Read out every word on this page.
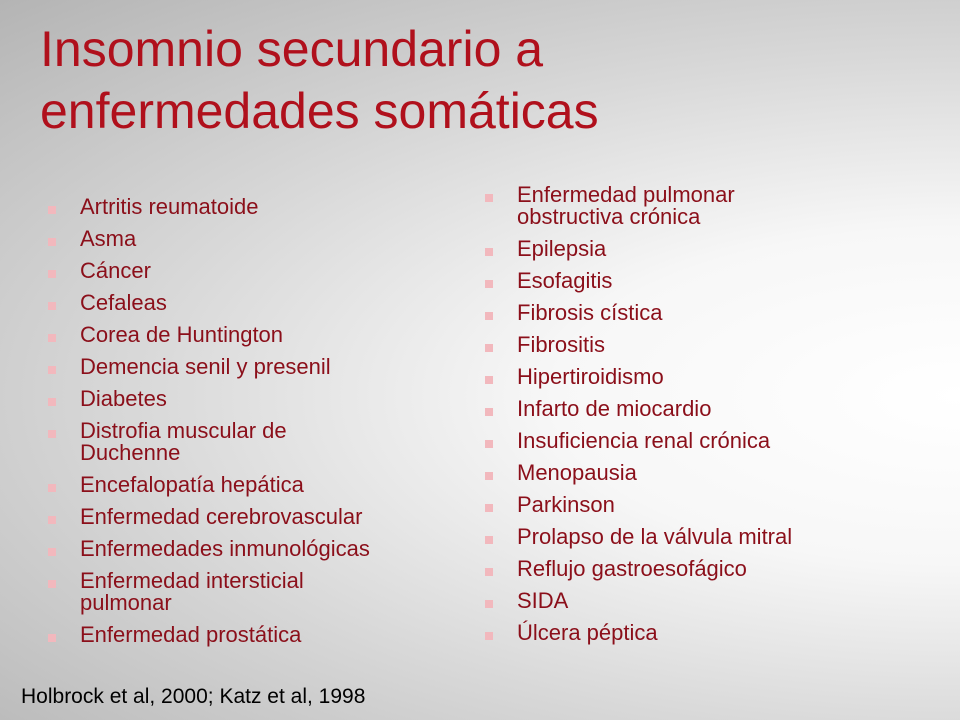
Insomnio secundario a
enfermedades somáticas
Artritis reumatoide
Asma
Cáncer
Cefaleas
Corea de Huntington
Demencia senil y presenil
Diabetes
Distrofia muscular de
Duchenne
Encefalopatía hepática
Enfermedad cerebrovascular
Enfermedades inmunológicas
Enfermedad intersticial
pulmonar
Enfermedad prostática
Enfermedad pulmonar
obstructiva crónica
Epilepsia
Esofagitis
Fibrosis cística
Fibrositis
Hipertiroidismo
Infarto de miocardio
Insuficiencia renal crónica
Menopausia
Parkinson
Prolapso de la válvula mitral
Reflujo gastroesofágico
SIDA
Úlcera péptica
Holbrock et al, 2000; Katz et al, 1998
